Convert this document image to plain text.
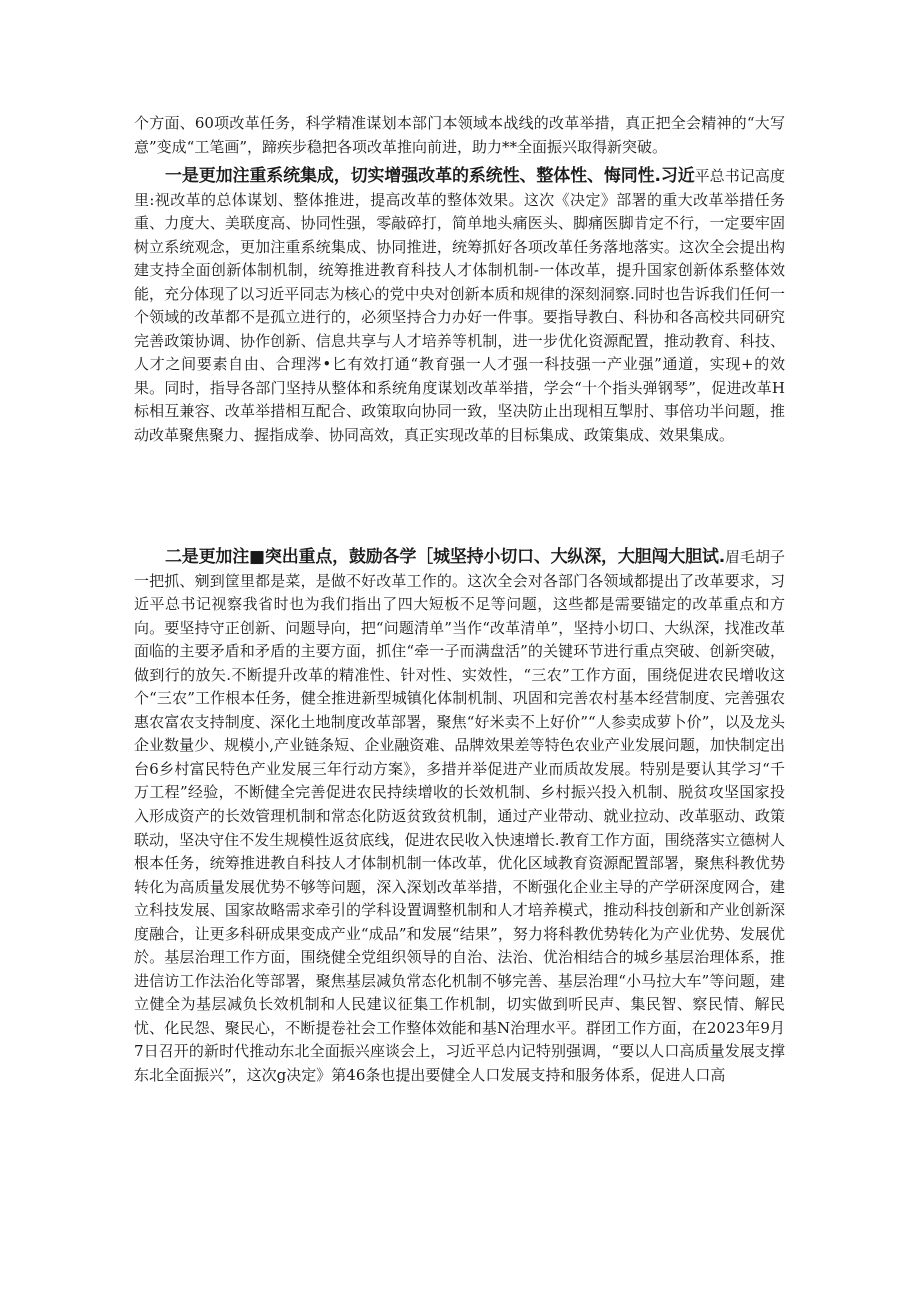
个方面、60项改革任务，科学精准谋划本部门本领域本战线的改革举措，真正把全会精神的“大写意”变成“工笔画”，蹄疾步稳把各项改革推向前进，助力**全面振兴取得新突破。

一是更加注重系统集成，切实增强改革的系统性、整体性、悔同性.习近平总书记高度里:视改革的总体谋划、整体推进，提高改革的整体效果。这次《决定》部署的重大改革举措任务重、力度大、美联度高、协同性强，零敲碎打，简单地头痛医头、脚痛医脚肯定不行，一定要牢固树立系统观念，更加注重系统集成、协同推进，统筹抓好各项改革任务落地落实。这次全会提出构建支持全面创新体制机制，统筹推进教育科技人才体制机制-一体改革，提升国家创新体系整体效能，充分体现了以习近平同志为核心的党中央对创新本质和规律的深刻洞察.同时也告诉我们任何一个领域的改革都不是孤立进行的，必须坚持合力办好一件事。要指导教白、科协和各高校共同研究完善政策协调、协作创新、信息共享与人才培养等机制，进一步优化资源配置，推动教育、科技、人才之间要素自由、合理涔•匕有效打通“教育强一人才强一科技强一产业强”通道，实现+的效果。同时，指导各部门坚持从整体和系统角度谋划改革举措，学会“十个指头弹钢琴”，促进改革H标相互兼容、改革举措相互配合、政策取向协同一致，坚决防止出现相互掣肘、事倍功半问题，推动改革聚焦聚力、握指成拳、协同高效，真正实现改革的目标集成、政策集成、效果集成。

二是更加注■突出重点，鼓励各学［城坚持小切口、大纵深，大胆闯大胆试.眉毛胡子一把抓、剜到筐里都是菜，是做不好改革工作的。这次全会对各部门各领域都提出了改革要求，习近平总书记视察我省时也为我们指出了四大短板不足等问题，这些都是需要锚定的改革重点和方向。要坚持守正创新、问题导向，把“问题清单”当作“改革清单”，坚持小切口、大纵深，找准改革面临的主要矛盾和矛盾的主要方面，抓住“牵一子而满盘活”的关键环节进行重点突破、创新突破，做到行的放矢.不断提升改革的精准性、针对性、实效性，“三农”工作方面，围绕促进农民增收这个“三农”工作根本任务，健全推进新型城镇化体制机制、巩固和完善农村基本经营制度、完善强农惠农富农支持制度、深化土地制度改革部署，聚焦“好米卖不上好价”“人参卖成萝卜价”，以及龙头企业数量少、规模小,产业链条短、企业融资难、品牌效果差等特色农业产业发展问题，加快制定出台6乡村富民特色产业发展三年行动方案》，多措并举促进产业而质故发展。特别是要认其学习“千万工程”经验，不断健全完善促进农民持续增收的长效机制、乡村振兴投入机制、脱贫攻坚国家投入形成资产的长效管理机制和常态化防返贫致贫机制，通过产业带动、就业拉动、改革驱动、政策联动，坚决守住不发生规模性返贫底线，促进农民收入快速增长.教育工作方面，围绕落实立德树人根本任务，统筹推进教自科技人才体制机制一体改革，优化区域教育资源配置部署，聚焦科教优势转化为高质量发展优势不够等问题，深入深划改革举措，不断强化企业主导的产学研深度网合，建立科技发展、国家故略需求牵引的学科设置调整机制和人才培养模式，推动科技创新和产业创新深度融合，让更多科研成果变成产业“成品”和发展“结果”，努力将科教优势转化为产业优势、发展优於。基层治理工作方面，围绕健全党组织领导的自治、法治、优治相结合的城乡基层治理体系，推进信访工作法治化等部署，聚焦基层减负常态化机制不够完善、基层治理“小马拉大车”等问题，建立健全为基层减负长效机制和人民建议征集工作机制，切实做到听民声、集民智、察民情、解民忧、化民怨、聚民心，不断提卷社会工作整体效能和基N治理水平。群团工作方面，在2023年9月7日召开的新时代推动东北全面振兴座谈会上，习近平总内记特别强调，“要以人口高质量发展支撑东北全面振兴”，这次g决定》第46条也提出要健全人口发展支持和服务体系，促进人口高
